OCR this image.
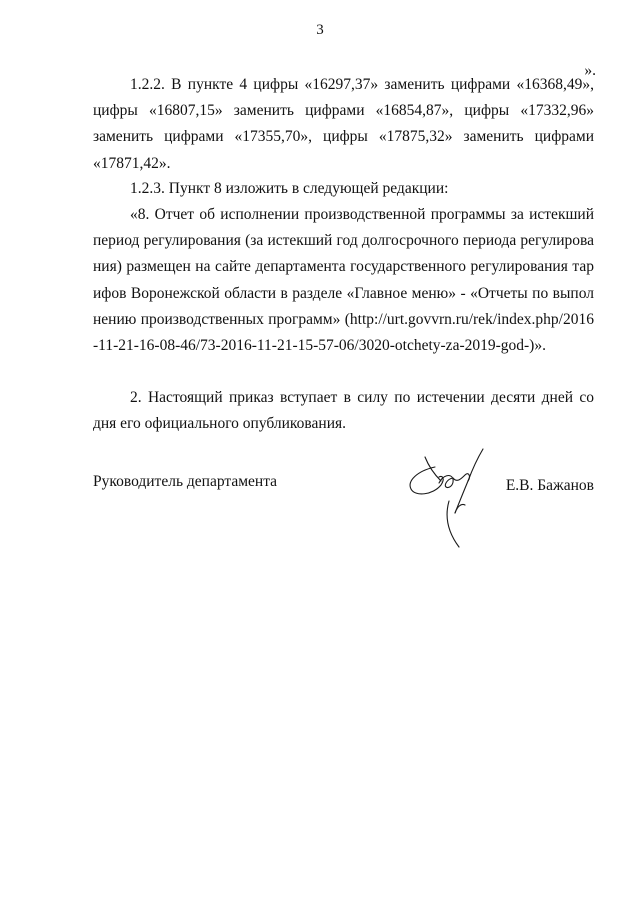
3
».

1.2.2. В пункте 4 цифры «16297,37» заменить цифрами «16368,49», цифры «16807,15» заменить цифрами «16854,87», цифры «17332,96» заменить цифрами «17355,70», цифры «17875,32» заменить цифрами «17871,42».

1.2.3. Пункт 8 изложить в следующей редакции:

«8. Отчет об исполнении производственной программы за истекший период регулирования (за истекший год долгосрочного периода регулирования) размещен на сайте департамента государственного регулирования тарифов Воронежской области в разделе «Главное меню» - «Отчеты по выполнению производственных программ» (http://urt.govvrn.ru/rek/index.php/2016-11-21-16-08-46/73-2016-11-21-15-57-06/3020-otchety-za-2019-god-)».

2. Настоящий приказ вступает в силу по истечении десяти дней со дня его официального опубликования.

Руководитель департамента	Е.В. Бажанов
